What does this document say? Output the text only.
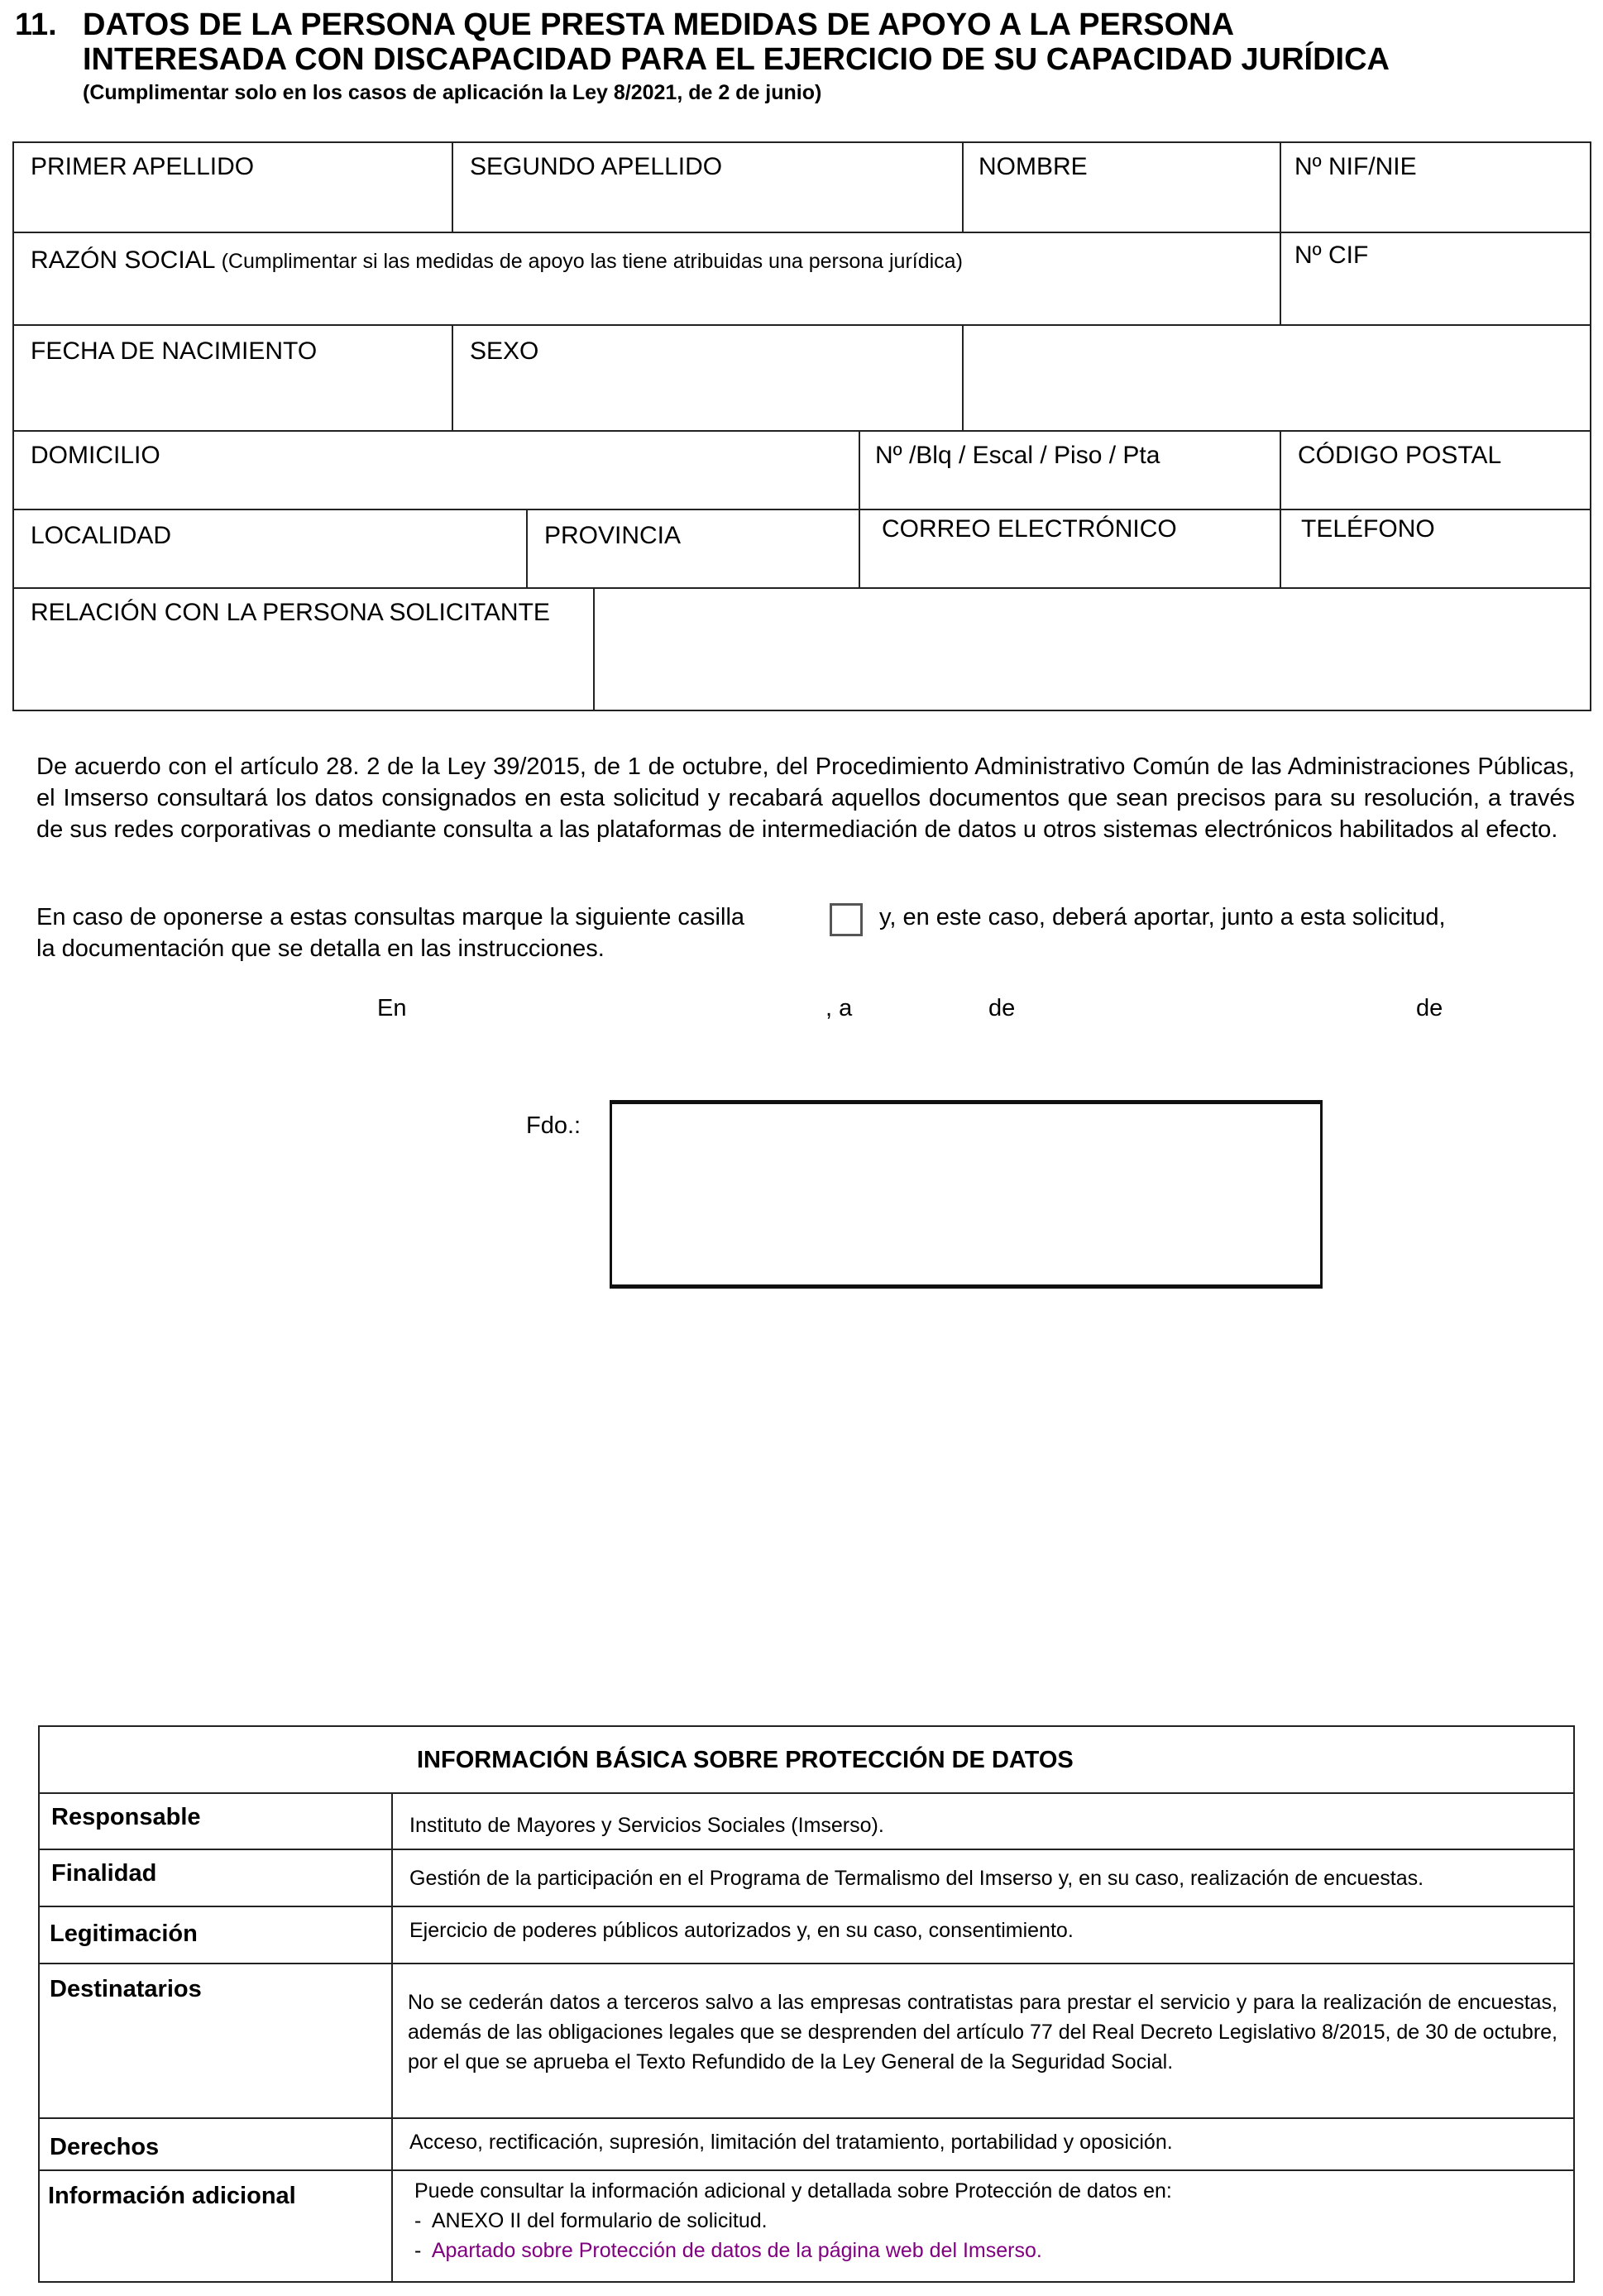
11. DATOS DE LA PERSONA QUE PRESTA MEDIDAS DE APOYO A LA PERSONA
INTERESADA CON DISCAPACIDAD PARA EL EJERCICIO DE SU CAPACIDAD JURÍDICA
(Cumplimentar solo en los casos de aplicación la Ley 8/2021, de 2 de junio)
PRIMER APELLIDO	SEGUNDO APELLIDO	NOMBRE	Nº NIF/NIE
RAZÓN SOCIAL (Cumplimentar si las medidas de apoyo las tiene atribuidas una persona jurídica)	Nº CIF
FECHA DE NACIMIENTO	SEXO
DOMICILIO	Nº /Blq / Escal / Piso / Pta	CÓDIGO POSTAL
LOCALIDAD	PROVINCIA	CORREO ELECTRÓNICO	TELÉFONO
RELACIÓN CON LA PERSONA SOLICITANTE
De acuerdo con el artículo 28. 2 de la Ley 39/2015, de 1 de octubre, del Procedimiento Administrativo Común de las Administraciones Públicas, el Imserso consultará los datos consignados en esta solicitud y recabará aquellos documentos que sean precisos para su resolución, a través de sus redes corporativas o mediante consulta a las plataformas de intermediación de datos u otros sistemas electrónicos habilitados al efecto.
En caso de oponerse a estas consultas marque la siguiente casilla	y, en este caso, deberá aportar, junto a esta solicitud,
la documentación que se detalla en las instrucciones.
En	, a	de	de
Fdo.:
INFORMACIÓN BÁSICA SOBRE PROTECCIÓN DE DATOS
Responsable	Instituto de Mayores y Servicios Sociales (Imserso).
Finalidad	Gestión de la participación en el Programa de Termalismo del Imserso y, en su caso, realización de encuestas.
Legitimación	Ejercicio de poderes públicos autorizados y, en su caso, consentimiento.
Destinatarios	No se cederán datos a terceros salvo a las empresas contratistas para prestar el servicio y para la realización de encuestas, además de las obligaciones legales que se desprenden del artículo 77 del Real Decreto Legislativo 8/2015, de 30 de octubre, por el que se aprueba el Texto Refundido de la Ley General de la Seguridad Social.
Derechos	Acceso, rectificación, supresión, limitación del tratamiento, portabilidad y oposición.
Información adicional	Puede consultar la información adicional y detallada sobre Protección de datos en:
-  ANEXO II del formulario de solicitud.
-  Apartado sobre Protección de datos de la página web del Imserso.
